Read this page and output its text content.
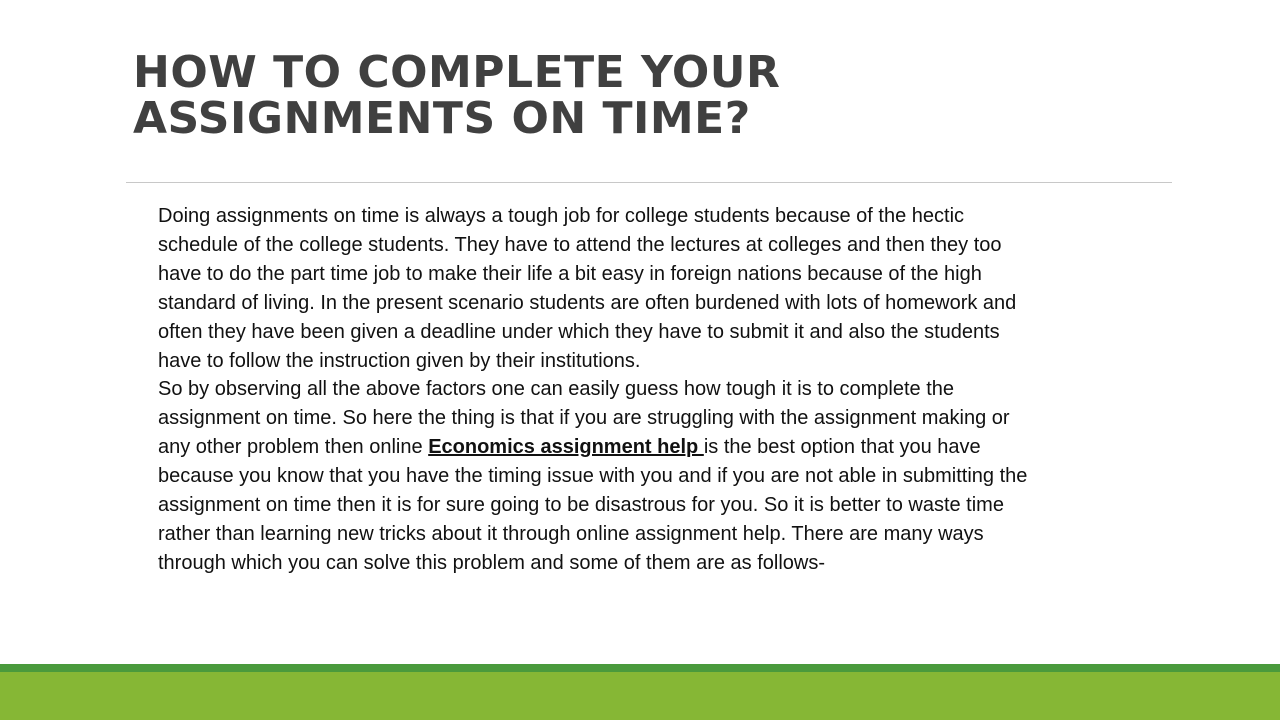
HOW TO COMPLETE YOUR
ASSIGNMENTS ON TIME?
Doing assignments on time is always a tough job for college students because of the hectic
schedule of the college students. They have to attend the lectures at colleges and then they too
have to do the part time job to make their life a bit easy in foreign nations because of the high
standard of living. In the present scenario students are often burdened with lots of homework and
often they have been given a deadline under which they have to submit it and also the students
have to follow the instruction given by their institutions.
So by observing all the above factors one can easily guess how tough it is to complete the
assignment on time. So here the thing is that if you are struggling with the assignment making or
any other problem then online Economics assignment help is the best option that you have
because you know that you have the timing issue with you and if you are not able in submitting the
assignment on time then it is for sure going to be disastrous for you. So it is better to waste time
rather than learning new tricks about it through online assignment help. There are many ways
through which you can solve this problem and some of them are as follows-
